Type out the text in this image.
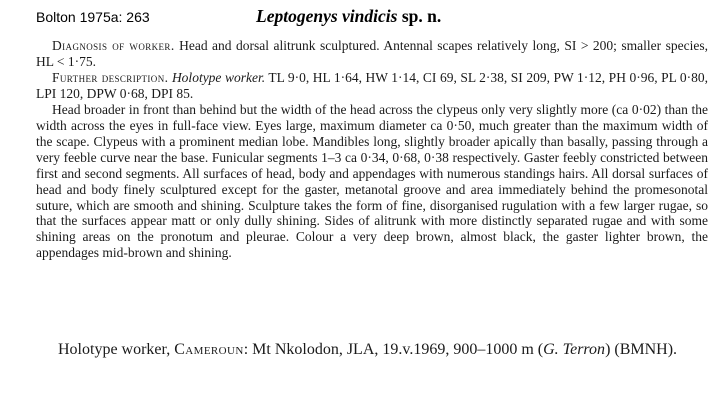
Bolton 1975a: 263	Leptogenys vindicis sp. n.

Diagnosis of worker. Head and dorsal alitrunk sculptured. Antennal scapes relatively long, SI > 200; smaller species, HL < 1·75.

Further description. Holotype worker. TL 9·0, HL 1·64, HW 1·14, CI 69, SL 2·38, SI 209, PW 1·12, PH 0·96, PL 0·80, LPI 120, DPW 0·68, DPI 85.

Head broader in front than behind but the width of the head across the clypeus only very slightly more (ca 0·02) than the width across the eyes in full-face view. Eyes large, maximum diameter ca 0·50, much greater than the maximum width of the scape. Clypeus with a prominent median lobe. Mandibles long, slightly broader apically than basally, passing through a very feeble curve near the base. Funicular segments 1–3 ca 0·34, 0·68, 0·38 respectively. Gaster feebly constricted between first and second segments. All surfaces of head, body and appendages with numerous standings hairs. All dorsal surfaces of head and body finely sculptured except for the gaster, metanotal groove and area immediately behind the promesonotal suture, which are smooth and shining. Sculpture takes the form of fine, disorganised rugulation with a few larger rugae, so that the surfaces appear matt or only dully shining. Sides of alitrunk with more distinctly separated rugae and with some shining areas on the pronotum and pleurae. Colour a very deep brown, almost black, the gaster lighter brown, the appendages mid-brown and shining.

Holotype worker, Cameroun: Mt Nkolodon, JLA, 19.v.1969, 900–1000 m (G. Terron) (BMNH).
